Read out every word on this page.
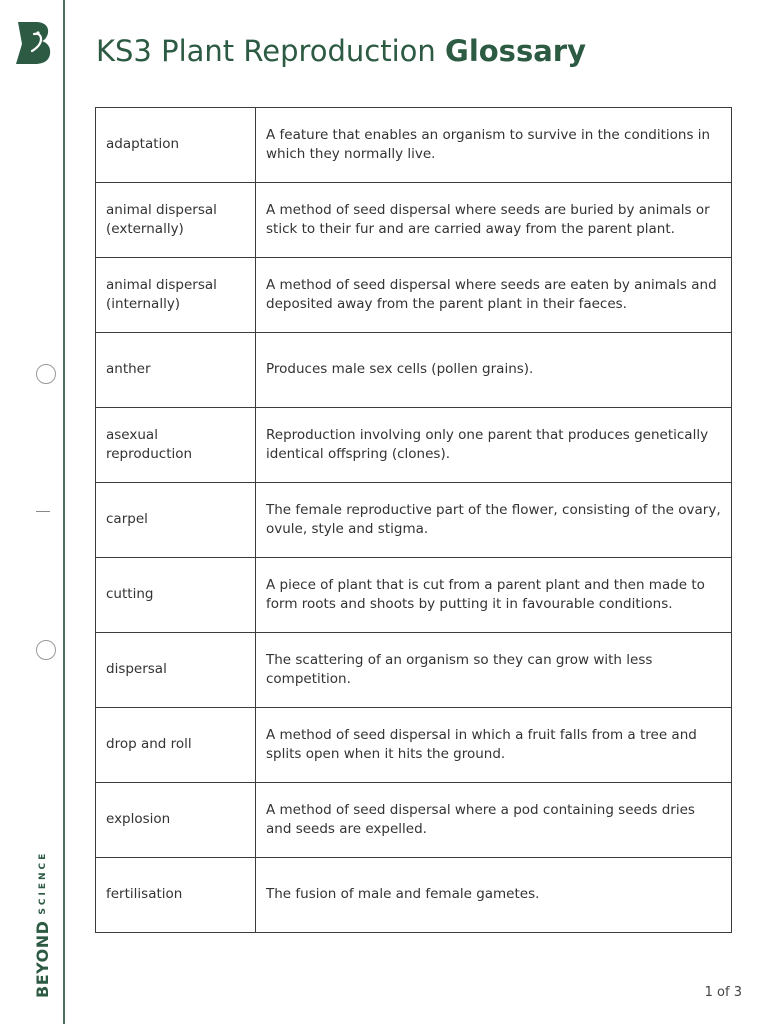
BEYONDSCIENCE
KS3 Plant Reproduction Glossary
adaptation	A feature that enables an organism to survive in the conditions in which they normally live.
animal dispersal (externally)	A method of seed dispersal where seeds are buried by animals or stick to their fur and are carried away from the parent plant.
animal dispersal (internally)	A method of seed dispersal where seeds are eaten by animals and deposited away from the parent plant in their faeces.
anther	Produces male sex cells (pollen grains).
asexual reproduction	Reproduction involving only one parent that produces genetically identical offspring (clones).
carpel	The female reproductive part of the flower, consisting of the ovary, ovule, style and stigma.
cutting	A piece of plant that is cut from a parent plant and then made to form roots and shoots by putting it in favourable conditions.
dispersal	The scattering of an organism so they can grow with less competition.
drop and roll	A method of seed dispersal in which a fruit falls from a tree and splits open when it hits the ground.
explosion	A method of seed dispersal where a pod containing seeds dries and seeds are expelled.
fertilisation	The fusion of male and female gametes.
1 of 3
